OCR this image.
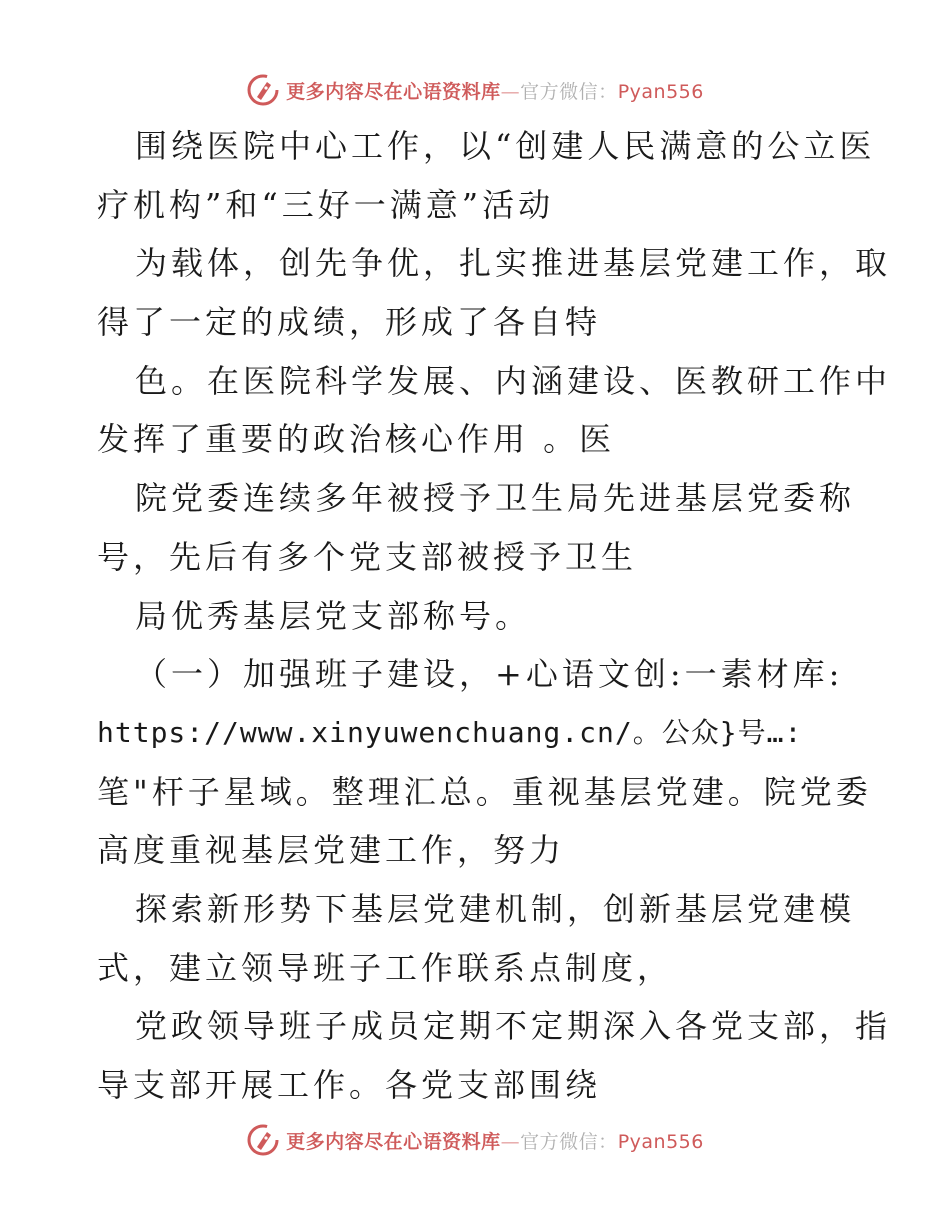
更多内容尽在心语资料库—官方微信：Pyan556
围绕医院中心工作，以“创建人民满意的公立医
疗机构”和“三好一满意”活动
为载体，创先争优，扎实推进基层党建工作，取
得了一定的成绩，形成了各自特
色。在医院科学发展、内涵建设、医教研工作中
发挥了重要的政治核心作用 。医
院党委连续多年被授予卫生局先进基层党委称
号，先后有多个党支部被授予卫生
局优秀基层党支部称号。
（一）加强班子建设，+心语文创:一素材库:
https://www.xinyuwenchuang.cn/。公众}号…:
笔"杆子星域。整理汇总。重视基层党建。院党委
高度重视基层党建工作，努力
探索新形势下基层党建机制，创新基层党建模
式，建立领导班子工作联系点制度，
党政领导班子成员定期不定期深入各党支部，指
导支部开展工作。各党支部围绕
更多内容尽在心语资料库—官方微信：Pyan556
